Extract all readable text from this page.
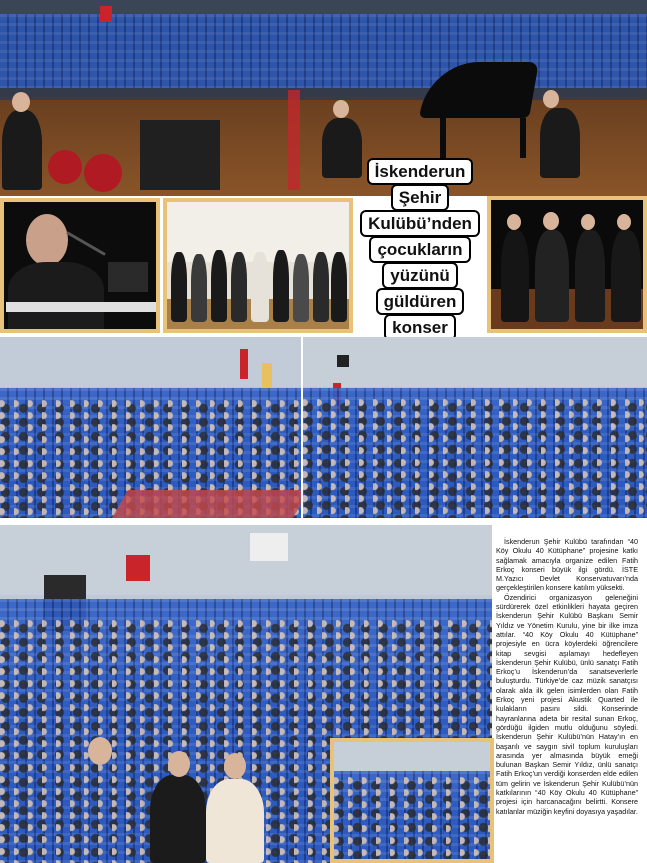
İskenderun
Şehir
Kulübü’nden
çocukların
yüzünü
güldüren
konser

İskenderun Şehir Kulübü tarafından “40 Köy Okulu 40 Kütüphane” projesine katkı sağlamak amacıyla organize edilen Fatih Erkoç konseri büyük ilgi gördü. İSTE M.Yazıcı Devlet Konservatuvarı’nda gerçekleştirilen konsere katılım yüksekti.

Özendirici organizasyon geleneğini sürdürerek özel etkinlikleri hayata geçiren İskenderun Şehir Kulübü Başkanı Semir Yıldız ve Yönetim Kurulu, yine bir ilke imza attılar. “40 Köy Okulu 40 Kütüphane” projesiyle en ücra köylerdeki öğrencilere kitap sevgisi aşılamayı hedefleyen İskenderun Şehir Kulübü, ünlü sanatçı Fatih Erkoç’u İskenderun’da sanatseverlerle buluşturdu. Türkiye’de caz müzik sanatçısı olarak akla ilk gelen isimlerden olan Fatih Erkoç yeni projesi Akustik Quarted ile kulakların pasını sildi. Konserinde hayranlarına adeta bir resital sunan Erkoç, gördüğü ilgiden mutlu olduğunu söyledi. İskenderun Şehir Kulübü’nün Hatay’ın en başarılı ve saygın sivil toplum kuruluşları arasında yer almasında büyük emeği bulunan Başkan Semir Yıldız, ünlü sanatçı Fatih Erkoç’un verdiği konserden elde edilen tüm gelirin ve İskenderun Şehir Kulübü’nün katkılarının “40 Köy Okulu 40 Kütüphane” projesi için harcanacağını belirtti. Konsere katılanlar müziğin keyfini doyasıya yaşadılar.
